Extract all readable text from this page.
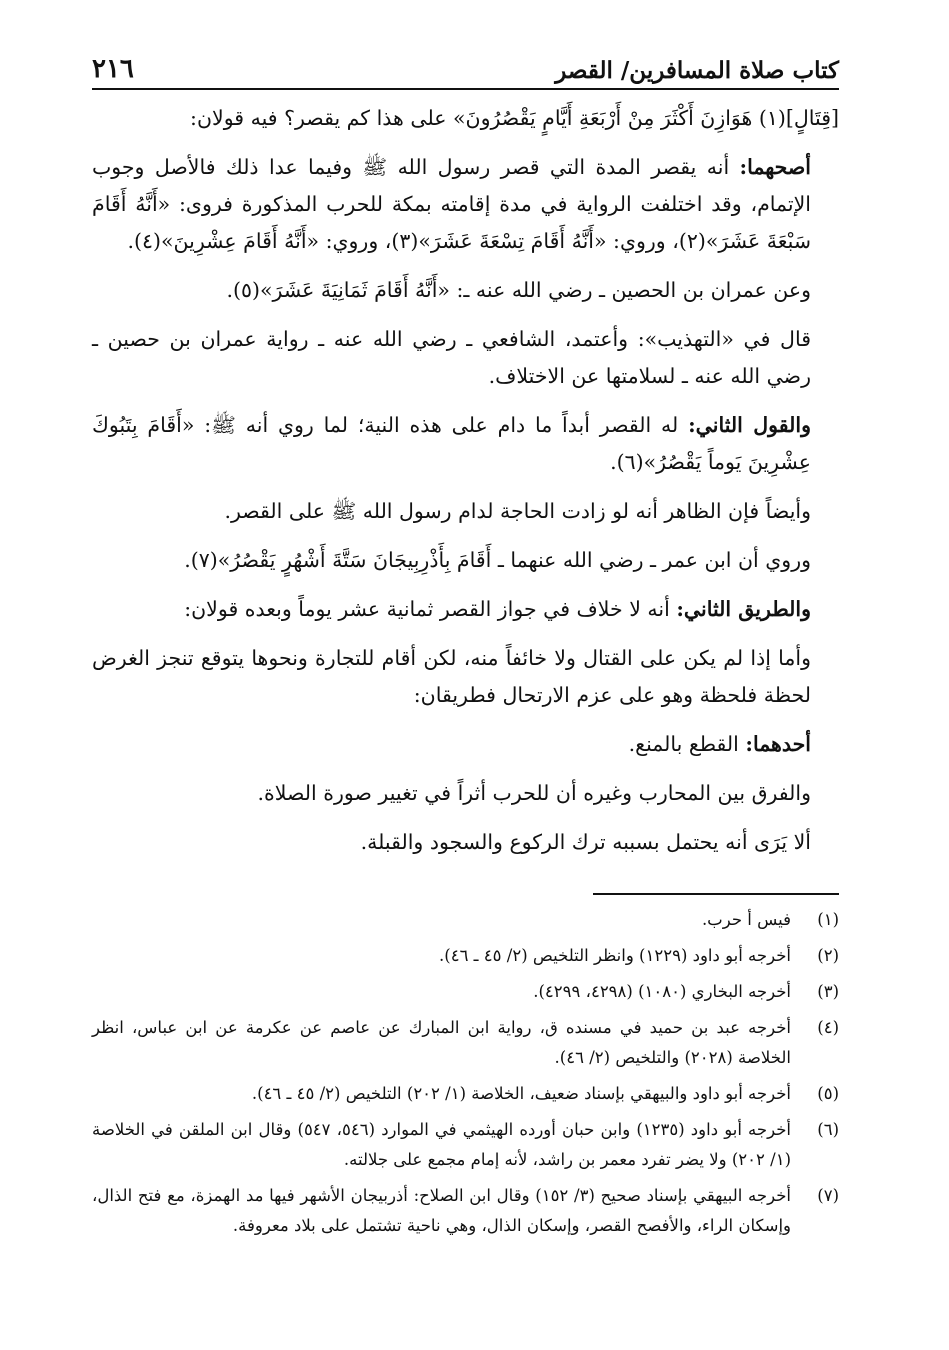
كتاب صلاة المسافرين/ القصر
٢١٦

[قِتَالٍ](١) هَوَازِنَ أَكْثَرَ مِنْ أَرْبَعَةِ أَيَّامٍ يَقْصُرُونَ» على هذا كم يقصر؟ فيه قولان:

أصحهما: أنه يقصر المدة التي قصر رسول الله ﷺ وفيما عدا ذلك فالأصل وجوب الإتمام، وقد اختلفت الرواية في مدة إقامته بمكة للحرب المذكورة فروى: «أَنَّهُ أَقَامَ سَبْعَةَ عَشَرَ»(٢)، وروي: «أَنَّهُ أَقَامَ تِسْعَةَ عَشَرَ»(٣)، وروي: «أَنَّهُ أَقَامَ عِشْرِينَ»(٤).

وعن عمران بن الحصين ـ رضي الله عنه ـ: «أَنَّهُ أَقَامَ ثَمَانِيَةَ عَشَرَ»(٥).

قال في «التهذيب»: وأعتمد، الشافعي ـ رضي الله عنه ـ رواية عمران بن حصين ـ رضي الله عنه ـ لسلامتها عن الاختلاف.

والقول الثاني: له القصر أبداً ما دام على هذه النية؛ لما روي أنه ﷺ: «أَقَامَ بِتَبُوكَ عِشْرِينَ يَوماً يَقْصُرُ»(٦).

وأيضاً فإن الظاهر أنه لو زادت الحاجة لدام رسول الله ﷺ على القصر.

وروي أن ابن عمر ـ رضي الله عنهما ـ أَقَامَ بِأَذْرِبِيجَانَ سَتَّةَ أَشْهُرٍ يَقْصُرُ»(٧).

والطريق الثاني: أنه لا خلاف في جواز القصر ثمانية عشر يوماً وبعده قولان:

وأما إذا لم يكن على القتال ولا خائفاً منه، لكن أقام للتجارة ونحوها يتوقع تنجز الغرض لحظة فلحظة وهو على عزم الارتحال فطريقان:

أحدهما: القطع بالمنع.

والفرق بين المحارب وغيره أن للحرب أثراً في تغيير صورة الصلاة.

ألا يَرَى أنه يحتمل بسببه ترك الركوع والسجود والقبلة.

(١)
فيس أ حرب.
(٢)
أخرجه أبو داود (١٢٢٩) وانظر التلخيص (٢/ ٤٥ ـ ٤٦).
(٣)
أخرجه البخاري (١٠٨٠) (٤٢٩٨، ٤٢٩٩).
(٤)
أخرجه عبد بن حميد في مسنده ق، رواية ابن المبارك عن عاصم عن عكرمة عن ابن عباس، انظر الخلاصة (٢٠٢٨) والتلخيص (٢/ ٤٦).
(٥)
أخرجه أبو داود والبيهقي بإسناد ضعيف، الخلاصة (١/ ٢٠٢) التلخيص (٢/ ٤٥ ـ ٤٦).
(٦)
أخرجه أبو داود (١٢٣٥) وابن حبان أورده الهيثمي في الموارد (٥٤٦، ٥٤٧) وقال ابن الملقن في الخلاصة (١/ ٢٠٢) ولا يضر تفرد معمر بن راشد، لأنه إمام مجمع على جلالته.
(٧)
أخرجه البيهقي بإسناد صحيح (٣/ ١٥٢) وقال ابن الصلاح: أذربيجان الأشهر فيها مد الهمزة، مع فتح الذال، وإسكان الراء، والأفصح القصر، وإسكان الذال، وهي ناحية تشتمل على بلاد معروفة.
